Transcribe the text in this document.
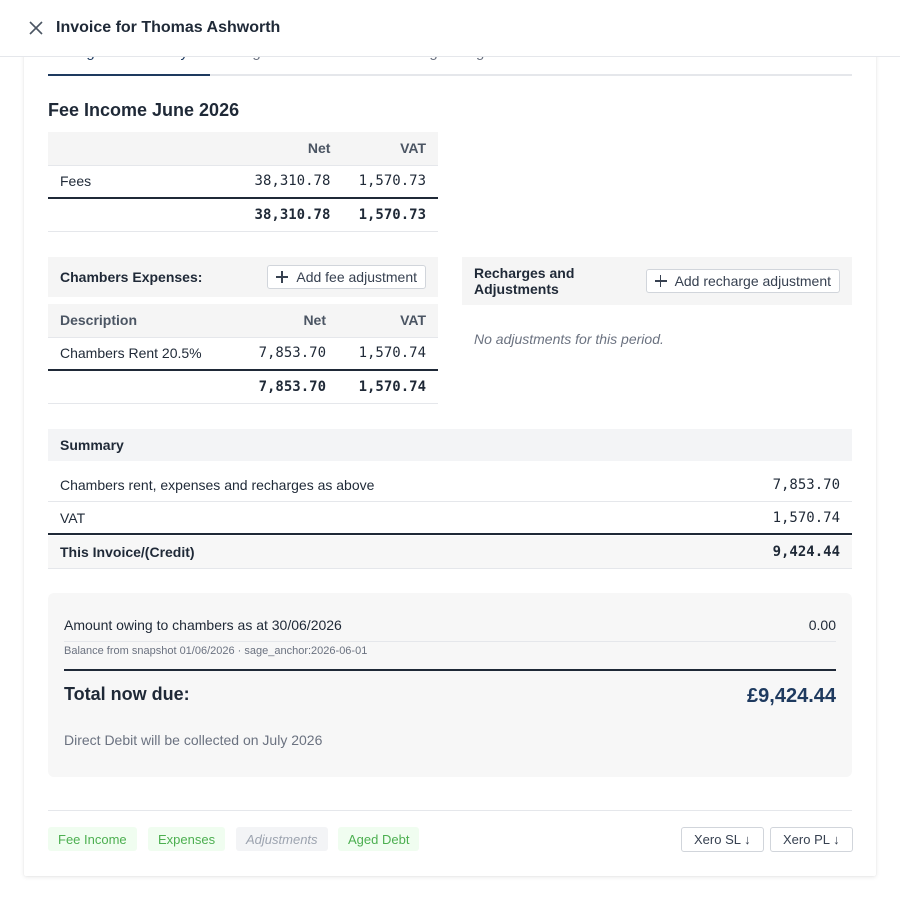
Invoice for Thomas Ashworth
Fee Income June 2026
	Net	VAT
Fees	38,310.78	1,570.73
	38,310.78	1,570.73
Chambers Expenses:	Add fee adjustment
Description	Net	VAT
Chambers Rent 20.5%	7,853.70	1,570.74
	7,853.70	1,570.74
Recharges and Adjustments	Add recharge adjustment
No adjustments for this period.
Summary
Chambers rent, expenses and recharges as above	7,853.70
VAT	1,570.74
This Invoice/(Credit)	9,424.44
Amount owing to chambers as at 30/06/2026	0.00
Balance from snapshot 01/06/2026 · sage_anchor:2026-06-01
Total now due:	£9,424.44
Direct Debit will be collected on July 2026
Fee Income	Expenses	Adjustments	Aged Debt	Xero SL ↓	Xero PL ↓
